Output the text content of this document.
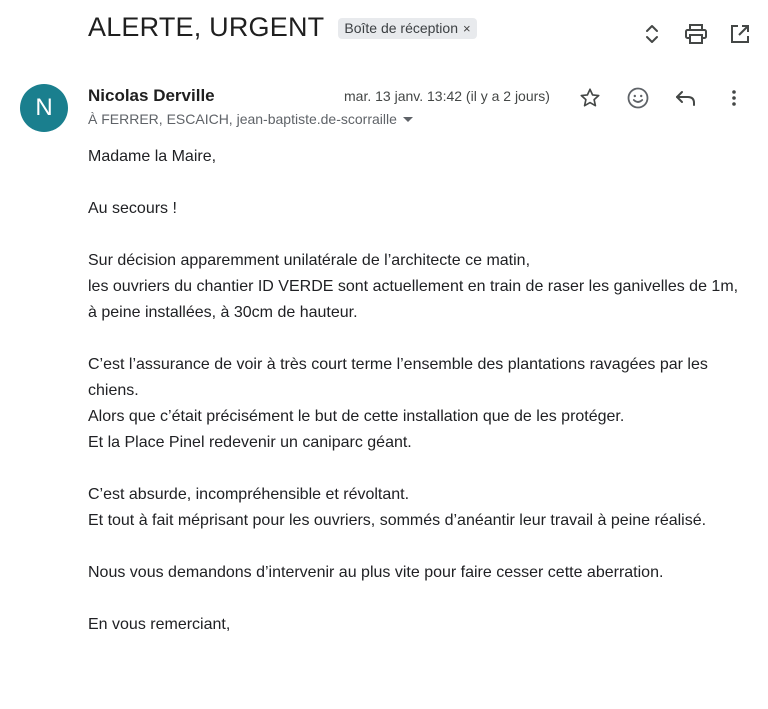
ALERTE, URGENT Boîte de réception ×
N	Nicolas Derville
À FERRER, ESCAICH, jean-baptiste.de-scorraille
mar. 13 janv. 13:42 (il y a 2 jours)

Madame la Maire,

Au secours !

Sur décision apparemment unilatérale de l’architecte ce matin,
les ouvriers du chantier ID VERDE sont actuellement en train de raser les ganivelles de 1m,
à peine installées, à 30cm de hauteur.

C’est l’assurance de voir à très court terme l’ensemble des plantations ravagées par les chiens.
Alors que c’était précisément le but de cette installation que de les protéger.
Et la Place Pinel redevenir un caniparc géant.

C’est absurde, incompréhensible et révoltant.
Et tout à fait méprisant pour les ouvriers, sommés d’anéantir leur travail à peine réalisé.

Nous vous demandons d’intervenir au plus vite pour faire cesser cette aberration.

En vous remerciant,
